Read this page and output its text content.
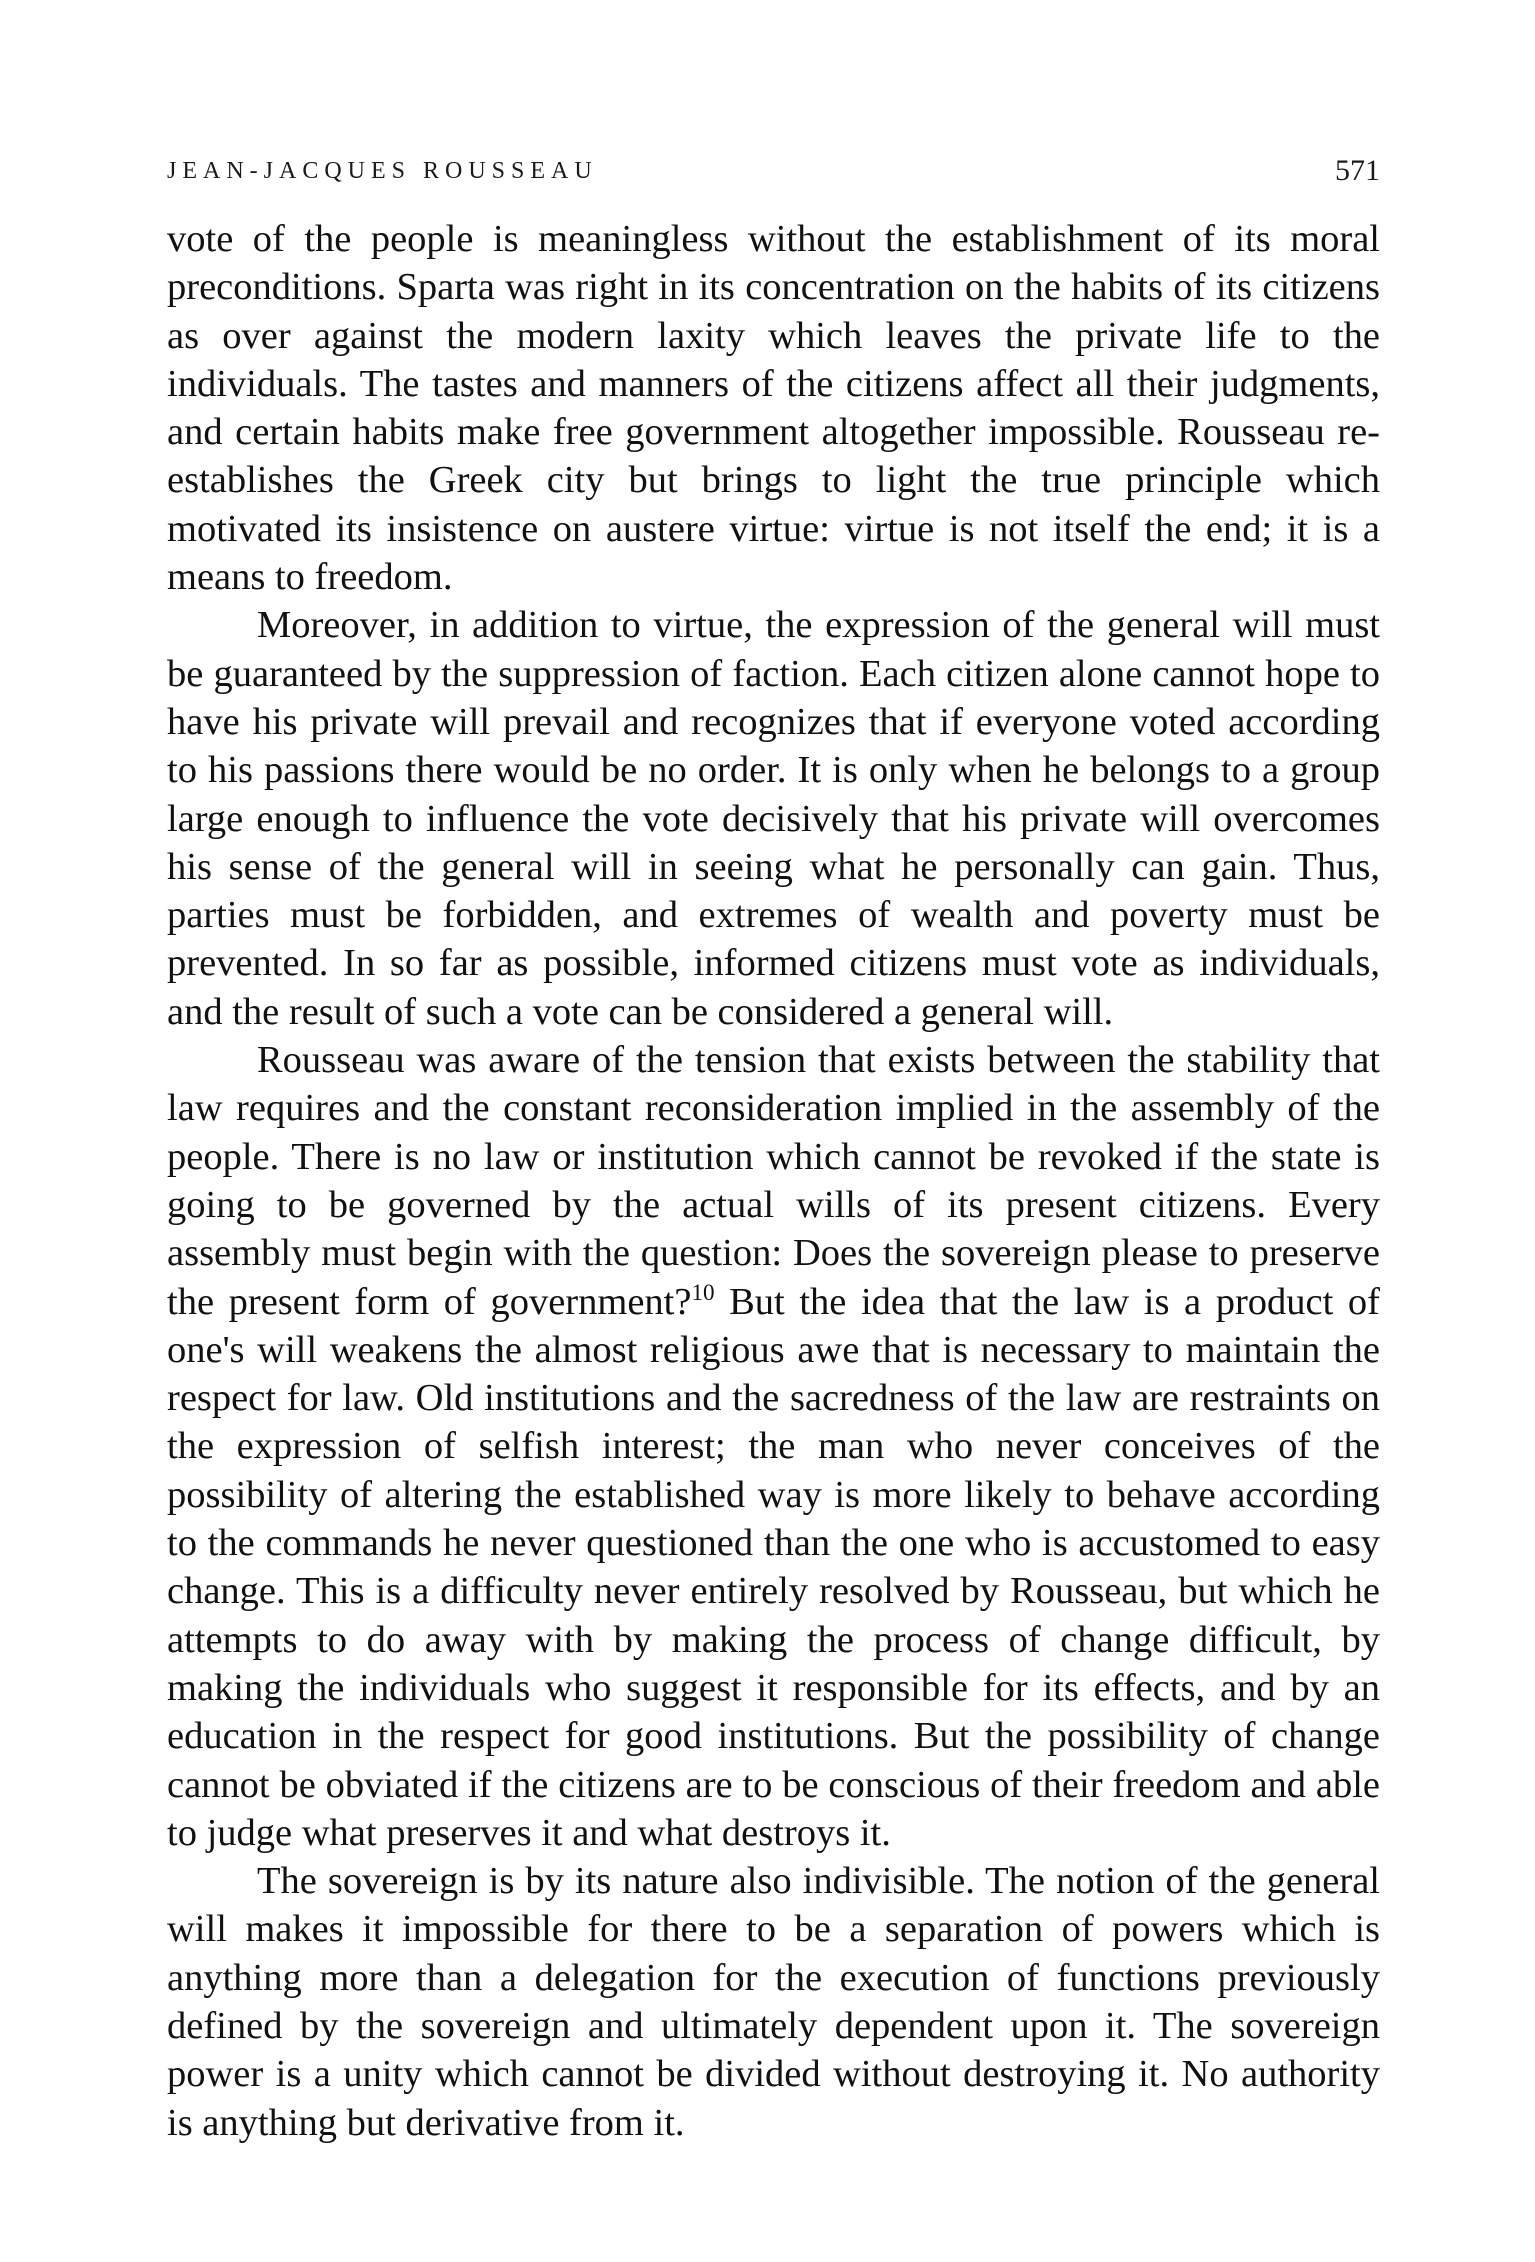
JEAN-JACQUES ROUSSEAU	571

vote of the people is meaningless without the establishment of its moral preconditions. Sparta was right in its concentration on the habits of its citizens as over against the modern laxity which leaves the private life to the individuals. The tastes and manners of the citizens affect all their judgments, and certain habits make free government altogether impossible. Rousseau re-establishes the Greek city but brings to light the true principle which motivated its insistence on austere virtue: virtue is not itself the end; it is a means to freedom.

Moreover, in addition to virtue, the expression of the general will must be guaranteed by the suppression of faction. Each citizen alone cannot hope to have his private will prevail and recognizes that if everyone voted according to his passions there would be no order. It is only when he belongs to a group large enough to influence the vote decisively that his private will overcomes his sense of the general will in seeing what he personally can gain. Thus, parties must be forbidden, and extremes of wealth and poverty must be prevented. In so far as possible, informed citizens must vote as individuals, and the result of such a vote can be considered a general will.

Rousseau was aware of the tension that exists between the stability that law requires and the constant reconsideration implied in the assembly of the people. There is no law or institution which cannot be revoked if the state is going to be governed by the actual wills of its present citizens. Every assembly must begin with the question: Does the sovereign please to preserve the present form of government?$^{10}$ But the idea that the law is a product of one's will weakens the almost religious awe that is necessary to maintain the respect for law. Old institutions and the sacredness of the law are restraints on the expression of selfish interest; the man who never conceives of the possibility of altering the established way is more likely to behave according to the commands he never questioned than the one who is accustomed to easy change. This is a difficulty never entirely resolved by Rousseau, but which he attempts to do away with by making the process of change difficult, by making the individuals who suggest it responsible for its effects, and by an education in the respect for good institutions. But the possibility of change cannot be obviated if the citizens are to be conscious of their freedom and able to judge what preserves it and what destroys it.

The sovereign is by its nature also indivisible. The notion of the general will makes it impossible for there to be a separation of powers which is anything more than a delegation for the execution of functions previously defined by the sovereign and ultimately dependent upon it. The sovereign power is a unity which cannot be divided without destroying it. No authority is anything but derivative from it.
